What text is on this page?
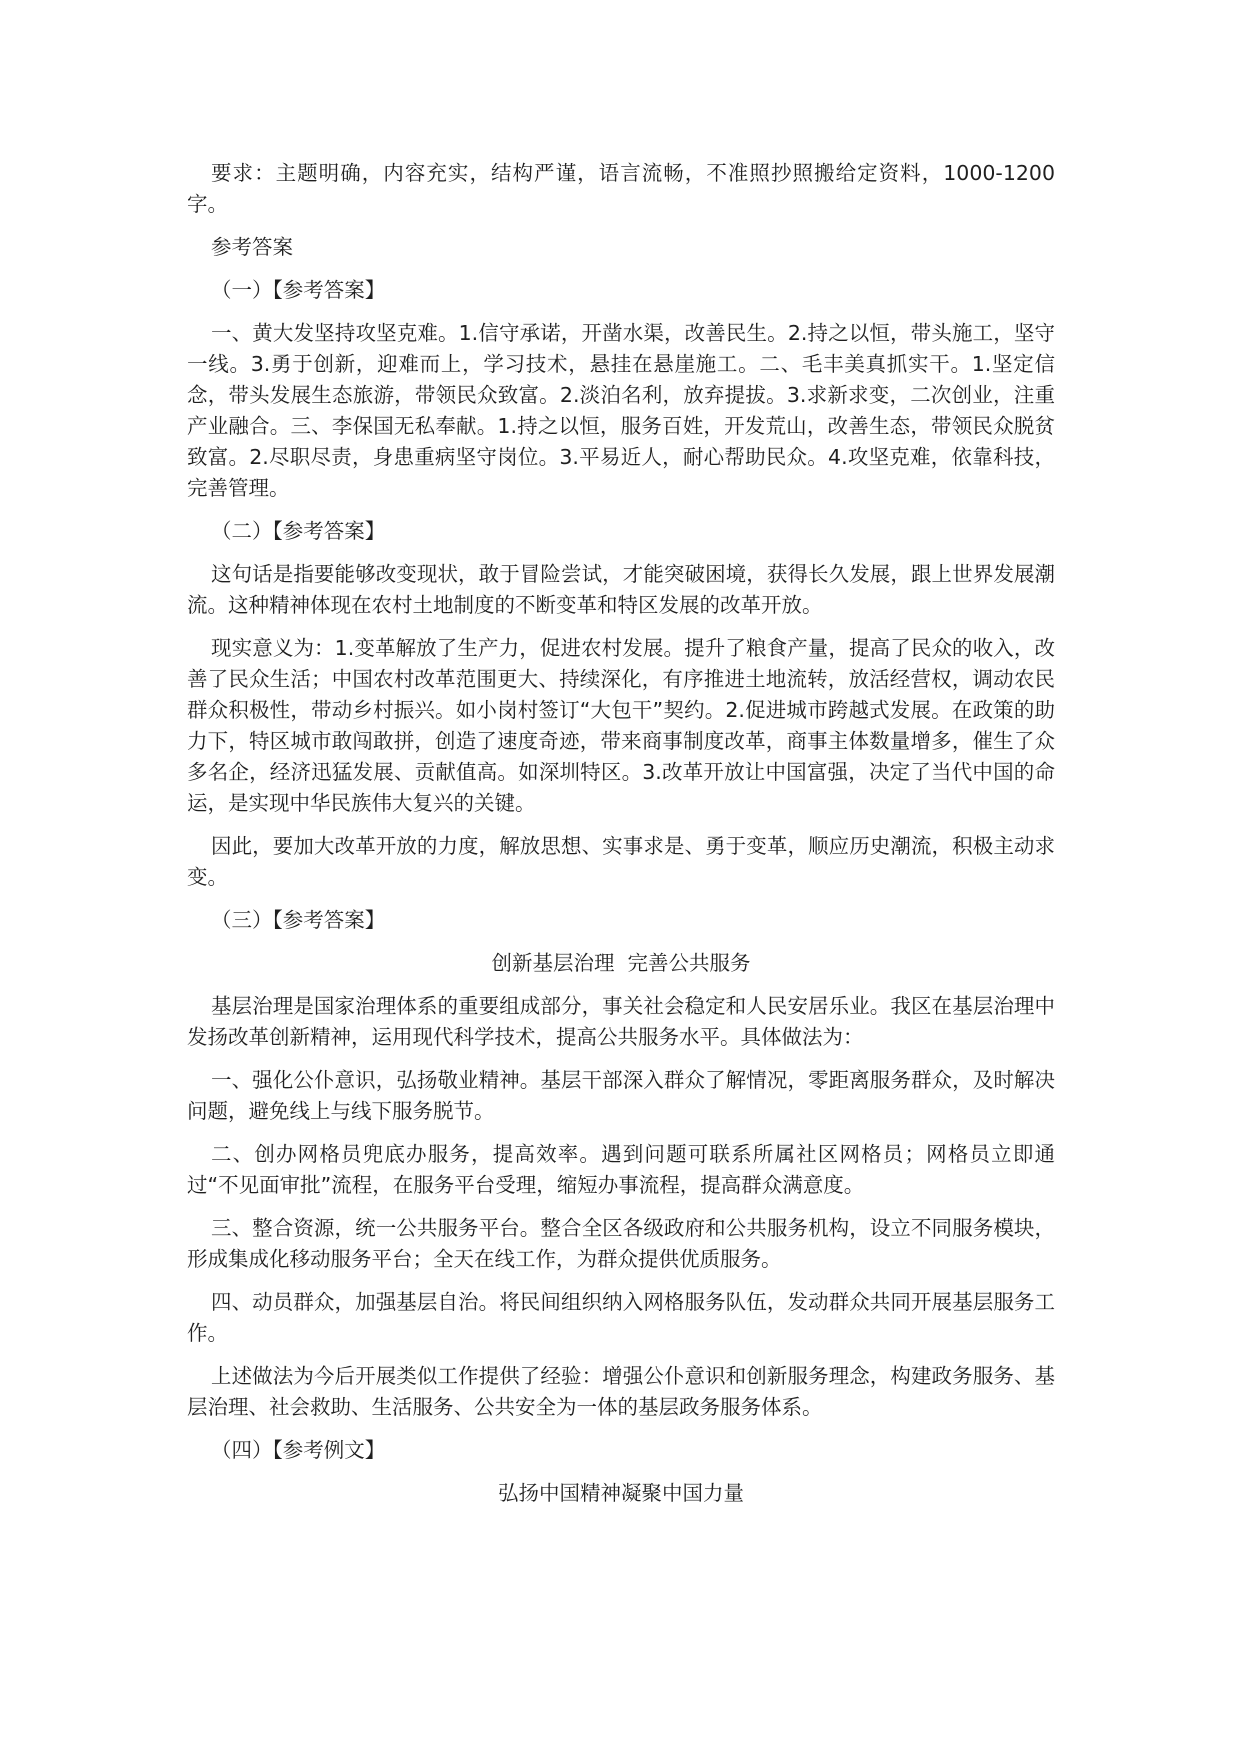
要求：主题明确，内容充实，结构严谨，语言流畅，不准照抄照搬给定资料，1000-1200 字。

参考答案

（一）【参考答案】

一、黄大发坚持攻坚克难。1.信守承诺，开凿水渠，改善民生。2.持之以恒，带头施工，坚守一线。3.勇于创新，迎难而上，学习技术，悬挂在悬崖施工。二、毛丰美真抓实干。1.坚定信念，带头发展生态旅游，带领民众致富。2.淡泊名利，放弃提拔。3.求新求变，二次创业，注重产业融合。三、李保国无私奉献。1.持之以恒，服务百姓，开发荒山，改善生态，带领民众脱贫致富。2.尽职尽责，身患重病坚守岗位。3.平易近人，耐心帮助民众。4.攻坚克难，依靠科技，完善管理。

（二）【参考答案】

这句话是指要能够改变现状，敢于冒险尝试，才能突破困境，获得长久发展，跟上世界发展潮流。这种精神体现在农村土地制度的不断变革和特区发展的改革开放。

现实意义为：1.变革解放了生产力，促进农村发展。提升了粮食产量，提高了民众的收入，改善了民众生活；中国农村改革范围更大、持续深化，有序推进土地流转，放活经营权，调动农民群众积极性，带动乡村振兴。如小岗村签订“大包干”契约。2.促进城市跨越式发展。在政策的助力下，特区城市敢闯敢拼，创造了速度奇迹，带来商事制度改革，商事主体数量增多，催生了众多名企，经济迅猛发展、贡献值高。如深圳特区。3.改革开放让中国富强，决定了当代中国的命运，是实现中华民族伟大复兴的关键。

因此，要加大改革开放的力度，解放思想、实事求是、勇于变革，顺应历史潮流，积极主动求变。

（三）【参考答案】

创新基层治理  完善公共服务

基层治理是国家治理体系的重要组成部分，事关社会稳定和人民安居乐业。我区在基层治理中发扬改革创新精神，运用现代科学技术，提高公共服务水平。具体做法为：

一、强化公仆意识，弘扬敬业精神。基层干部深入群众了解情况，零距离服务群众，及时解决问题，避免线上与线下服务脱节。

二、创办网格员兜底办服务，提高效率。遇到问题可联系所属社区网格员；网格员立即通过“不见面审批”流程，在服务平台受理，缩短办事流程，提高群众满意度。

三、整合资源，统一公共服务平台。整合全区各级政府和公共服务机构，设立不同服务模块，形成集成化移动服务平台；全天在线工作，为群众提供优质服务。

四、动员群众，加强基层自治。将民间组织纳入网格服务队伍，发动群众共同开展基层服务工作。

上述做法为今后开展类似工作提供了经验：增强公仆意识和创新服务理念，构建政务服务、基层治理、社会救助、生活服务、公共安全为一体的基层政务服务体系。

（四）【参考例文】

弘扬中国精神凝聚中国力量
